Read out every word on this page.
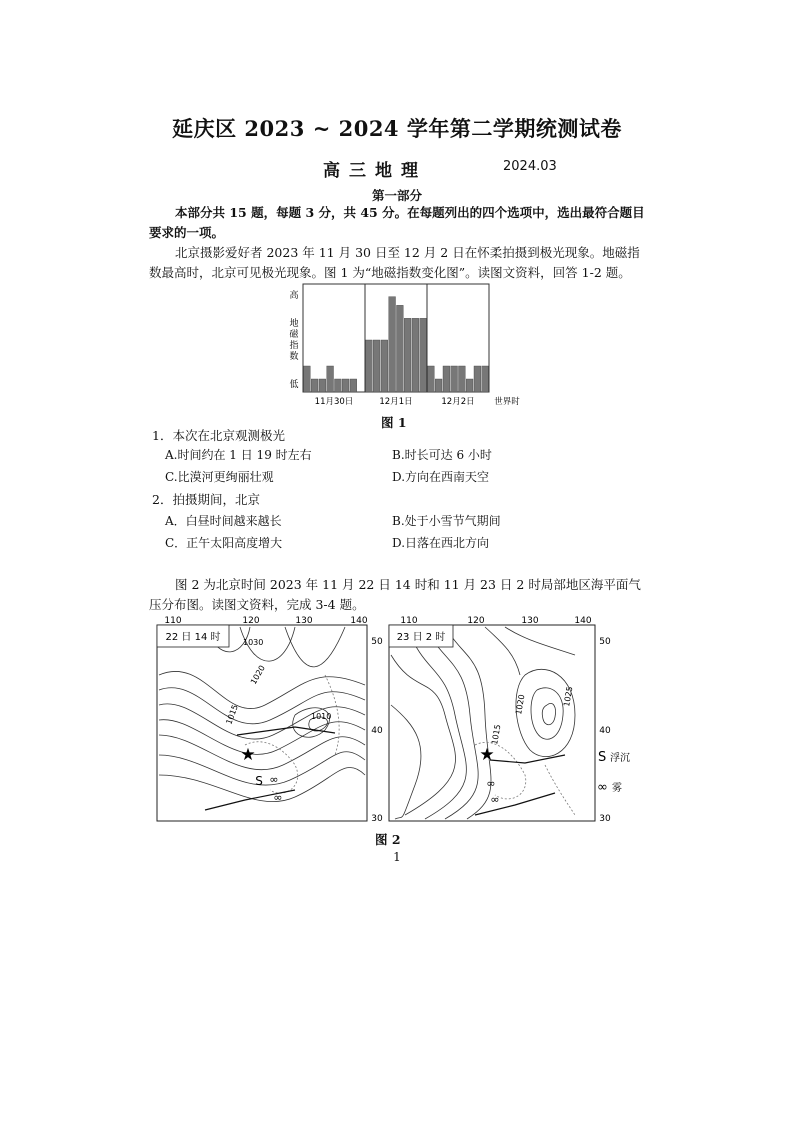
延庆区 2023 ~ 2024 学年第二学期统测试卷
高三地理	2024.03
第一部分
本部分共 15 题，每题 3 分，共 45 分。在每题列出的四个选项中，选出最符合题目要求的一项。
北京摄影爱好者 2023 年 11 月 30 日至 12 月 2 日在怀柔拍摄到极光现象。地磁指数最高时，北京可见极光现象。图 1 为“地磁指数变化图”。读图文资料，回答 1-2 题。
高
地磁指数
低
11月30日	12月1日	12月2日 世界时
图 1
1．本次在北京观测极光
A.时间约在 1 日 19 时左右	B.时长可达 6 小时
C.比漠河更绚丽壮观	D.方向在西南天空
2．拍摄期间，北京
A．白昼时间越来越长	B.处于小雪节气期间
C．正午太阳高度增大	D.日落在西北方向
图 2 为北京时间 2023 年 11 月 22 日 14 时和 11 月 23 日 2 时局部地区海平面气压分布图。读图文资料，完成 3-4 题。
22 日 14 时
110	120	130	140
50
40
30
1030
1020
1015	1010
★
S ∞
∞
23 日 2 时
110	120	130	140
50
40
30
1020
1015
1025
★
∞
∞
S 浮沉
∞ 雾
图 2
1
